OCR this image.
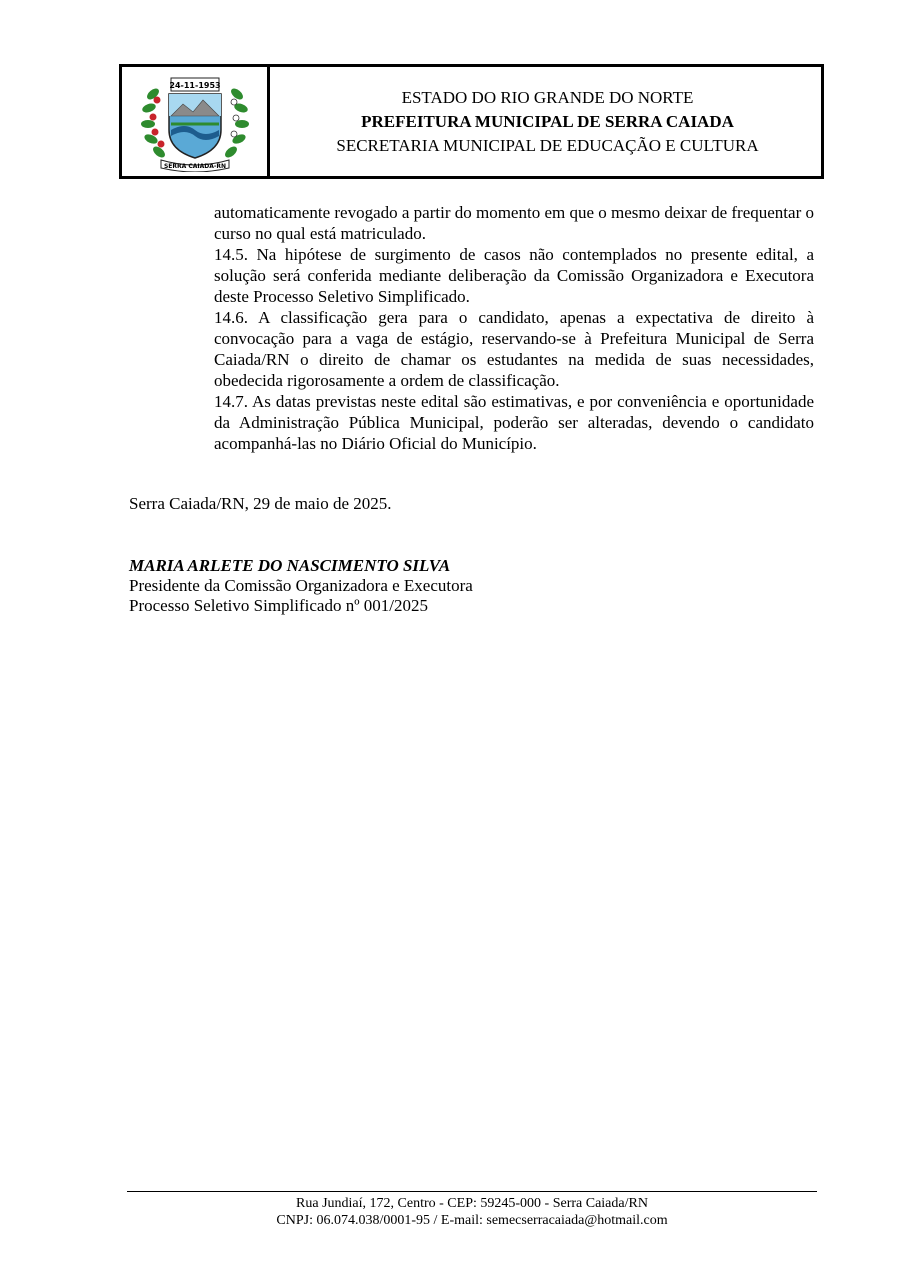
24-11-1953
SERRA CAIADA-RN
ESTADO DO RIO GRANDE DO NORTE
PREFEITURA MUNICIPAL DE SERRA CAIADA
SECRETARIA MUNICIPAL DE EDUCAÇÃO E CULTURA

automaticamente revogado a partir do momento em que o mesmo deixar de frequentar o curso no qual está matriculado.

14.5. Na hipótese de surgimento de casos não contemplados no presente edital, a solução será conferida mediante deliberação da Comissão Organizadora e Executora deste Processo Seletivo Simplificado.

14.6. A classificação gera para o candidato, apenas a expectativa de direito à convocação para a vaga de estágio, reservando-se à Prefeitura Municipal de Serra Caiada/RN o direito de chamar os estudantes na medida de suas necessidades, obedecida rigorosamente a ordem de classificação.

14.7. As datas previstas neste edital são estimativas, e por conveniência e oportunidade da Administração Pública Municipal, poderão ser alteradas, devendo o candidato acompanhá-las no Diário Oficial do Município.

Serra Caiada/RN, 29 de maio de 2025.
MARIA ARLETE DO NASCIMENTO SILVA
Presidente da Comissão Organizadora e Executora
Processo Seletivo Simplificado nº 001/2025
Rua Jundiaí, 172, Centro - CEP: 59245-000 - Serra Caiada/RN
CNPJ: 06.074.038/0001-95 / E-mail: semecserracaiada@hotmail.com
